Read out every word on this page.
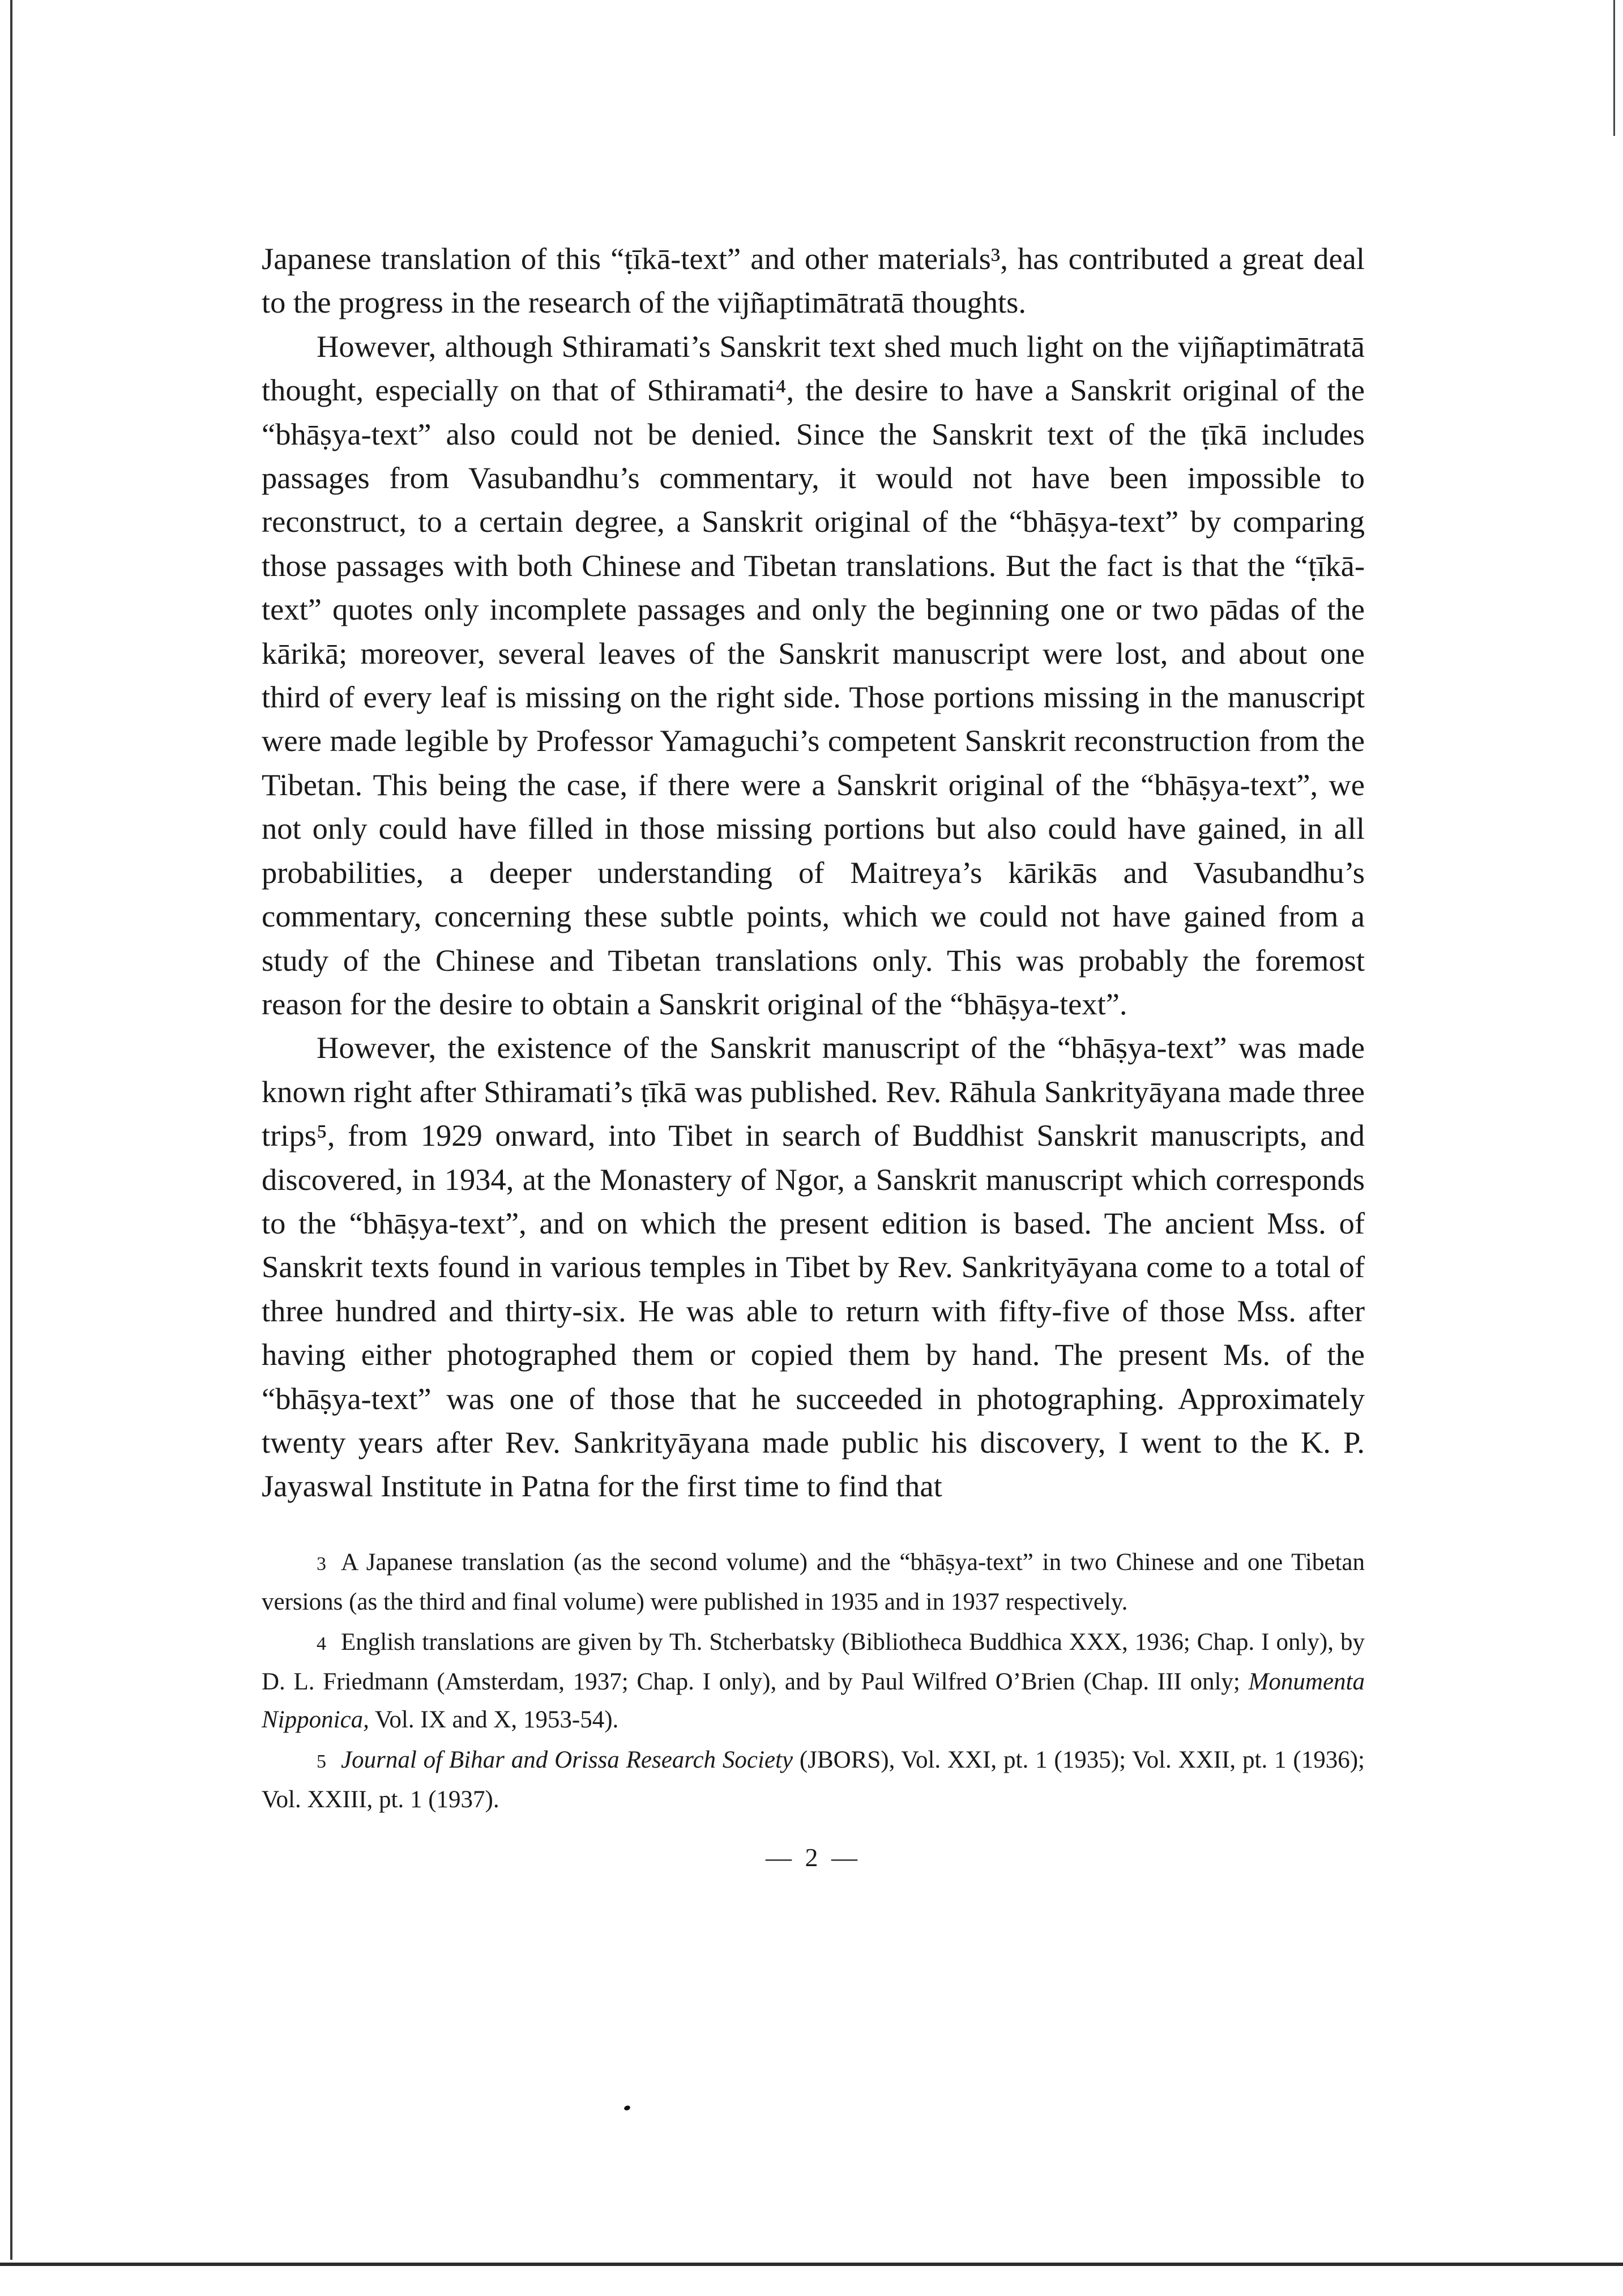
Japanese translation of this “ṭīkā-text” and other materials³, has contributed a great deal to the progress in the research of the vijñaptimātratā thoughts.

However, although Sthiramati’s Sanskrit text shed much light on the vijñaptimātratā thought, especially on that of Sthiramati⁴, the desire to have a Sanskrit original of the “bhāṣya-text” also could not be denied. Since the Sanskrit text of the ṭīkā includes passages from Vasubandhu’s commentary, it would not have been impossible to reconstruct, to a certain degree, a Sanskrit original of the “bhāṣya-text” by comparing those passages with both Chinese and Tibetan translations. But the fact is that the “ṭīkā-text” quotes only incomplete passages and only the beginning one or two pādas of the kārikā; moreover, several leaves of the Sanskrit manuscript were lost, and about one third of every leaf is missing on the right side. Those portions missing in the manuscript were made legible by Professor Yamaguchi’s competent Sanskrit reconstruction from the Tibetan. This being the case, if there were a Sanskrit original of the “bhāṣya-text”, we not only could have filled in those missing portions but also could have gained, in all probabilities, a deeper understanding of Maitreya’s kārikās and Vasubandhu’s commentary, concerning these subtle points, which we could not have gained from a study of the Chinese and Tibetan translations only. This was probably the foremost reason for the desire to obtain a Sanskrit original of the “bhāṣya-text”.

However, the existence of the Sanskrit manuscript of the “bhāṣya-text” was made known right after Sthiramati’s ṭīkā was published. Rev. Rāhula Sankrityāyana made three trips⁵, from 1929 onward, into Tibet in search of Buddhist Sanskrit manuscripts, and discovered, in 1934, at the Monastery of Ngor, a Sanskrit manuscript which corresponds to the “bhāṣya-text”, and on which the present edition is based. The ancient Mss. of Sanskrit texts found in various temples in Tibet by Rev. Sankrityāyana come to a total of three hundred and thirty-six. He was able to return with fifty-five of those Mss. after having either photographed them or copied them by hand. The present Ms. of the “bhāṣya-text” was one of those that he succeeded in photographing. Approximately twenty years after Rev. Sankrityāyana made public his discovery, I went to the K. P. Jayaswal Institute in Patna for the first time to find that

3 A Japanese translation (as the second volume) and the “bhāṣya-text” in two Chinese and one Tibetan versions (as the third and final volume) were published in 1935 and in 1937 respectively.

4 English translations are given by Th. Stcherbatsky (Bibliotheca Buddhica XXX, 1936; Chap. I only), by D. L. Friedmann (Amsterdam, 1937; Chap. I only), and by Paul Wilfred O’Brien (Chap. III only; Monumenta Nipponica, Vol. IX and X, 1953-54).

5 Journal of Bihar and Orissa Research Society (JBORS), Vol. XXI, pt. 1 (1935); Vol. XXII, pt. 1 (1936); Vol. XXIII, pt. 1 (1937).

— 2 —
